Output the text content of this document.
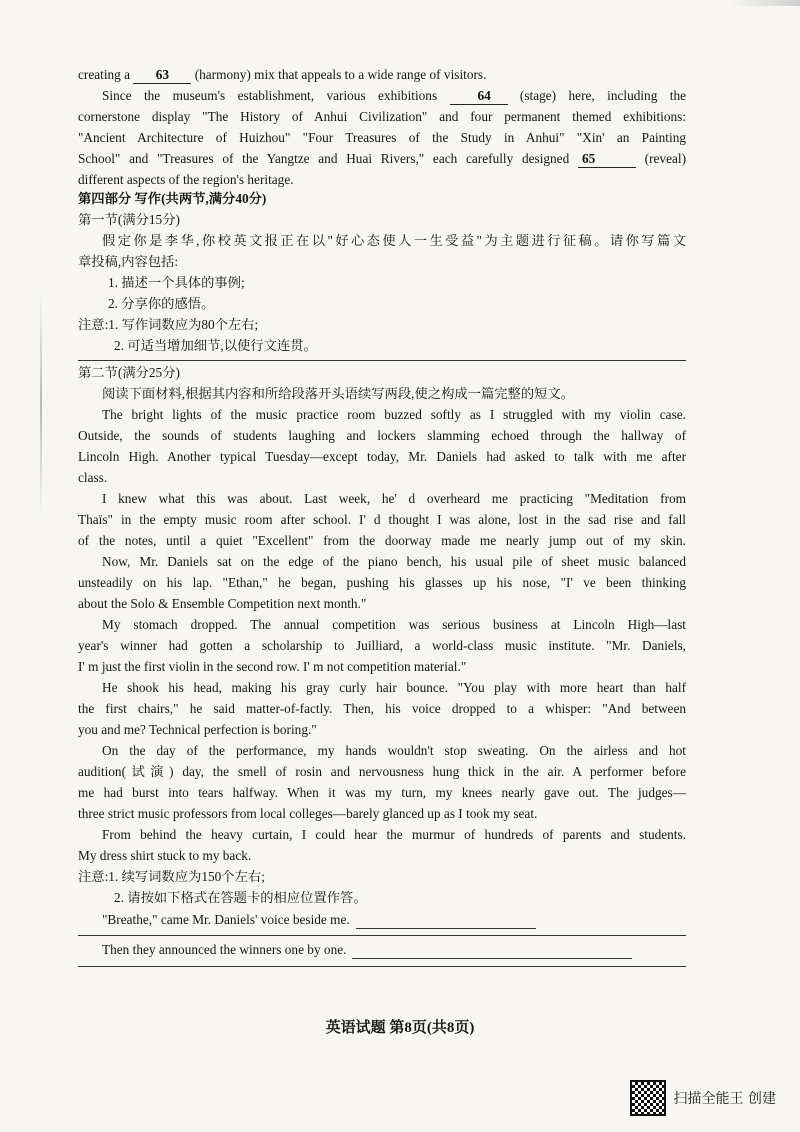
creating a 63 (harmony) mix that appeals to a wide range of visitors.
Since the museum's establishment, various exhibitions 64 (stage) here, including the
cornerstone display "The History of Anhui Civilization" and four permanent themed exhibitions:
"Ancient Architecture of Huizhou" "Four Treasures of the Study in Anhui" "Xin' an Painting
School" and "Treasures of the Yangtze and Huai Rivers," each carefully designed 65	(reveal)
different aspects of the region's heritage.
第四部分 写作(共两节,满分40分)
第一节(满分15分)
假定你是李华,你校英文报正在以"好心态使人一生受益"为主题进行征稿。请你写篇文
章投稿,内容包括:
1. 描述一个具体的事例;
2. 分享你的感悟。
注意:1. 写作词数应为80个左右;
2. 可适当增加细节,以使行文连贯。
第二节(满分25分)
阅读下面材料,根据其内容和所给段落开头语续写两段,使之构成一篇完整的短文。
The bright lights of the music practice room buzzed softly as I struggled with my violin case.
Outside, the sounds of students laughing and lockers slamming echoed through the hallway of
Lincoln High. Another typical Tuesday—except today, Mr. Daniels had asked to talk with me after
class.
I knew what this was about. Last week, he' d overheard me practicing "Meditation from
Thaïs" in the empty music room after school. I' d thought I was alone, lost in the sad rise and fall
of the notes, until a quiet "Excellent" from the doorway made me nearly jump out of my skin.
Now, Mr. Daniels sat on the edge of the piano bench, his usual pile of sheet music balanced
unsteadily on his lap. "Ethan," he began, pushing his glasses up his nose, "I' ve been thinking
about the Solo & Ensemble Competition next month."
My stomach dropped. The annual competition was serious business at Lincoln High—last
year's winner had gotten a scholarship to Juilliard, a world-class music institute. "Mr. Daniels,
I' m just the first violin in the second row. I' m not competition material."
He shook his head, making his gray curly hair bounce. "You play with more heart than half
the first chairs," he said matter-of-factly. Then, his voice dropped to a whisper: "And between
you and me? Technical perfection is boring."
On the day of the performance, my hands wouldn't stop sweating. On the airless and hot
audition(试演) day, the smell of rosin and nervousness hung thick in the air. A performer before
me had burst into tears halfway. When it was my turn, my knees nearly gave out. The judges—
three strict music professors from local colleges—barely glanced up as I took my seat.
From behind the heavy curtain, I could hear the murmur of hundreds of parents and students.
My dress shirt stuck to my back.
注意:1. 续写词数应为150个左右;
2. 请按如下格式在答题卡的相应位置作答。
"Breathe," came Mr. Daniels' voice beside me.
Then they announced the winners one by one.
英语试题 第8页(共8页)
扫描全能王 创建
